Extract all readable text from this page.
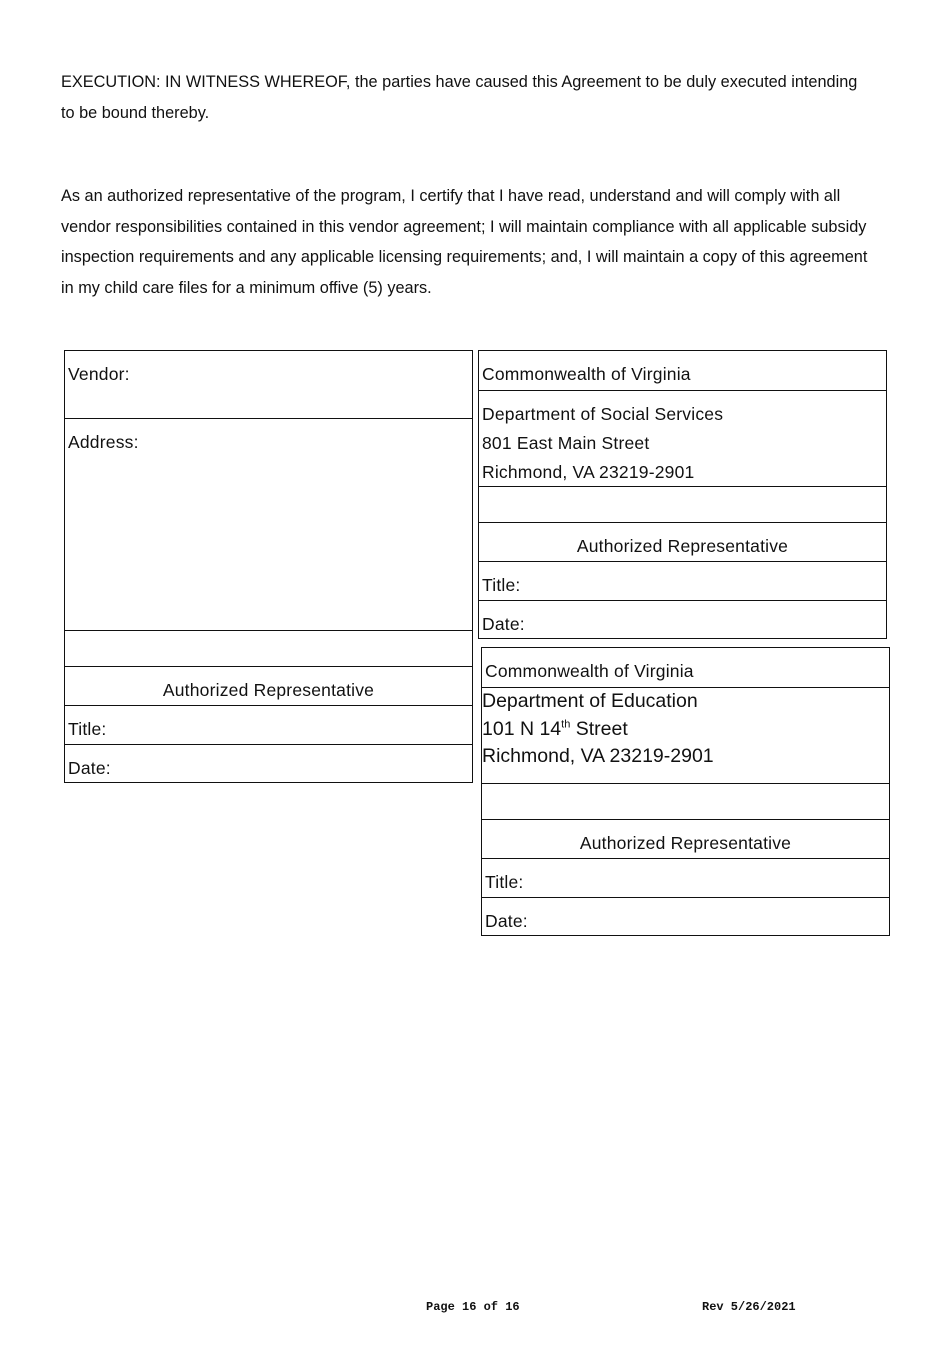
EXECUTION: IN WITNESS WHEREOF, the parties have caused this Agreement to be duly executed intending to be bound thereby.

As an authorized representative of the program, I certify that I have read, understand and will comply with all vendor responsibilities contained in this vendor agreement; I will maintain compliance with all applicable subsidy inspection requirements and any applicable licensing requirements; and, I will maintain a copy of this agreement in my child care files for a minimum offive (5) years.

Vendor:
Address:
Authorized Representative
Title:
Date:
Commonwealth of Virginia
Department of Social Services
801 East Main Street
Richmond, VA 23219-2901
Authorized Representative
Title:
Date:
Commonwealth of Virginia
Department of Education
101 N 14th Street
Richmond, VA 23219-2901
Authorized Representative
Title:
Date:
Page 16 of 16	Rev 5/26/2021
